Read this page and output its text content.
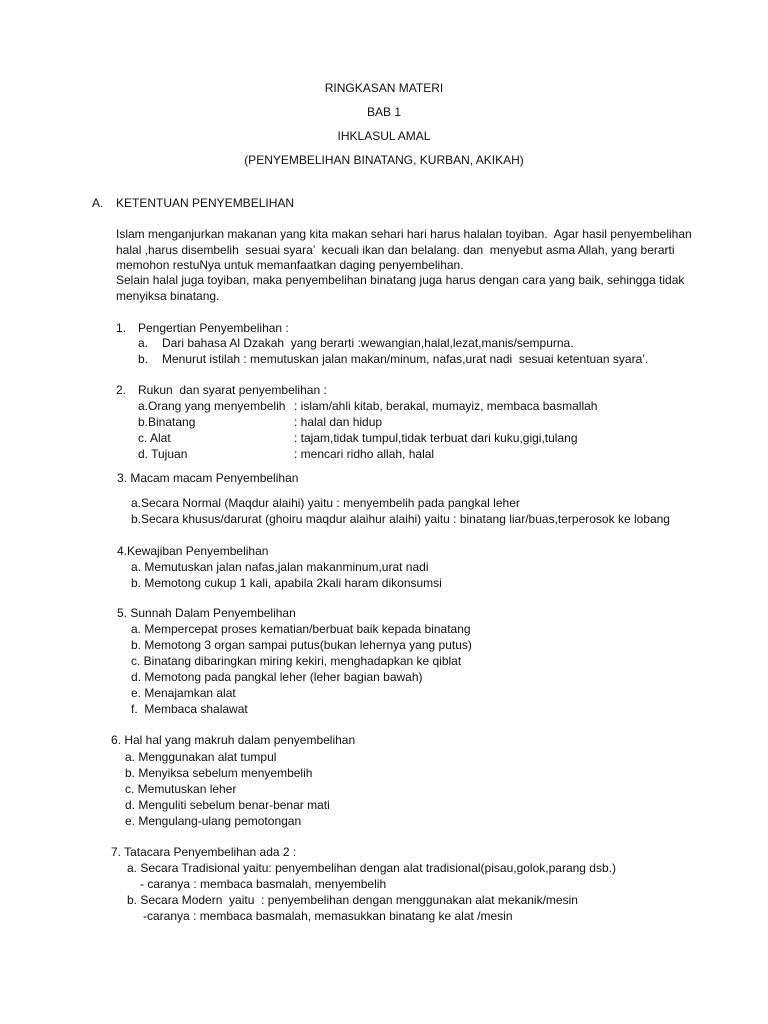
RINGKASAN MATERI
BAB 1
IHKLASUL AMAL
(PENYEMBELIHAN BINATANG, KURBAN, AKIKAH)
A. KETENTUAN PENYEMBELIHAN
Islam menganjurkan makanan yang kita makan sehari hari harus halalan toyiban.  Agar hasil penyembelihan
halal ,harus disembelih  sesuai syara’  kecuali ikan dan belalang. dan  menyebut asma Allah, yang berarti
memohon restuNya untuk memanfaatkan daging penyembelihan.
Selain halal juga toyiban, maka penyembelihan binatang juga harus dengan cara yang baik, sehingga tidak
menyiksa binatang.
1. Pengertian Penyembelihan :
a. Dari bahasa Al Dzakah  yang berarti :wewangian,halal,lezat,manis/sempurna.
b. Menurut istilah : memutuskan jalan makan/minum, nafas,urat nadi  sesuai ketentuan syara’.
2. Rukun  dan syarat penyembelihan :
a.Orang yang menyembelih : islam/ahli kitab, berakal, mumayiz, membaca basmallah
b.Binatang	: halal dan hidup
c. Alat	: tajam,tidak tumpul,tidak terbuat dari kuku,gigi,tulang
d. Tujuan	: mencari ridho allah, halal
3. Macam macam Penyembelihan
a.Secara Normal (Maqdur alaihi) yaitu : menyembelih pada pangkal leher
b.Secara khusus/darurat (ghoiru maqdur alaihur alaihi) yaitu : binatang liar/buas,terperosok ke lobang
4.Kewajiban Penyembelihan
a. Memutuskan jalan nafas,jalan makanminum,urat nadi
b. Memotong cukup 1 kali, apabila 2kali haram dikonsumsi
5. Sunnah Dalam Penyembelihan
a. Mempercepat proses kematian/berbuat baik kepada binatang
b. Memotong 3 organ sampai putus(bukan lehernya yang putus)
c. Binatang dibaringkan miring kekiri, menghadapkan ke qiblat
d. Memotong pada pangkal leher (leher bagian bawah)
e. Menajamkan alat
f.  Membaca shalawat
6. Hal hal yang makruh dalam penyembelihan
a. Menggunakan alat tumpul
b. Menyiksa sebelum menyembelih
c. Memutuskan leher
d. Menguliti sebelum benar-benar mati
e. Mengulang-ulang pemotongan
7. Tatacara Penyembelihan ada 2 :
a. Secara Tradisional yaitu: penyembelihan dengan alat tradisional(pisau,golok,parang dsb.)
- caranya : membaca basmalah, menyembelih
b. Secara Modern  yaitu  : penyembelihan dengan menggunakan alat mekanik/mesin
-caranya : membaca basmalah, memasukkan binatang ke alat /mesin
